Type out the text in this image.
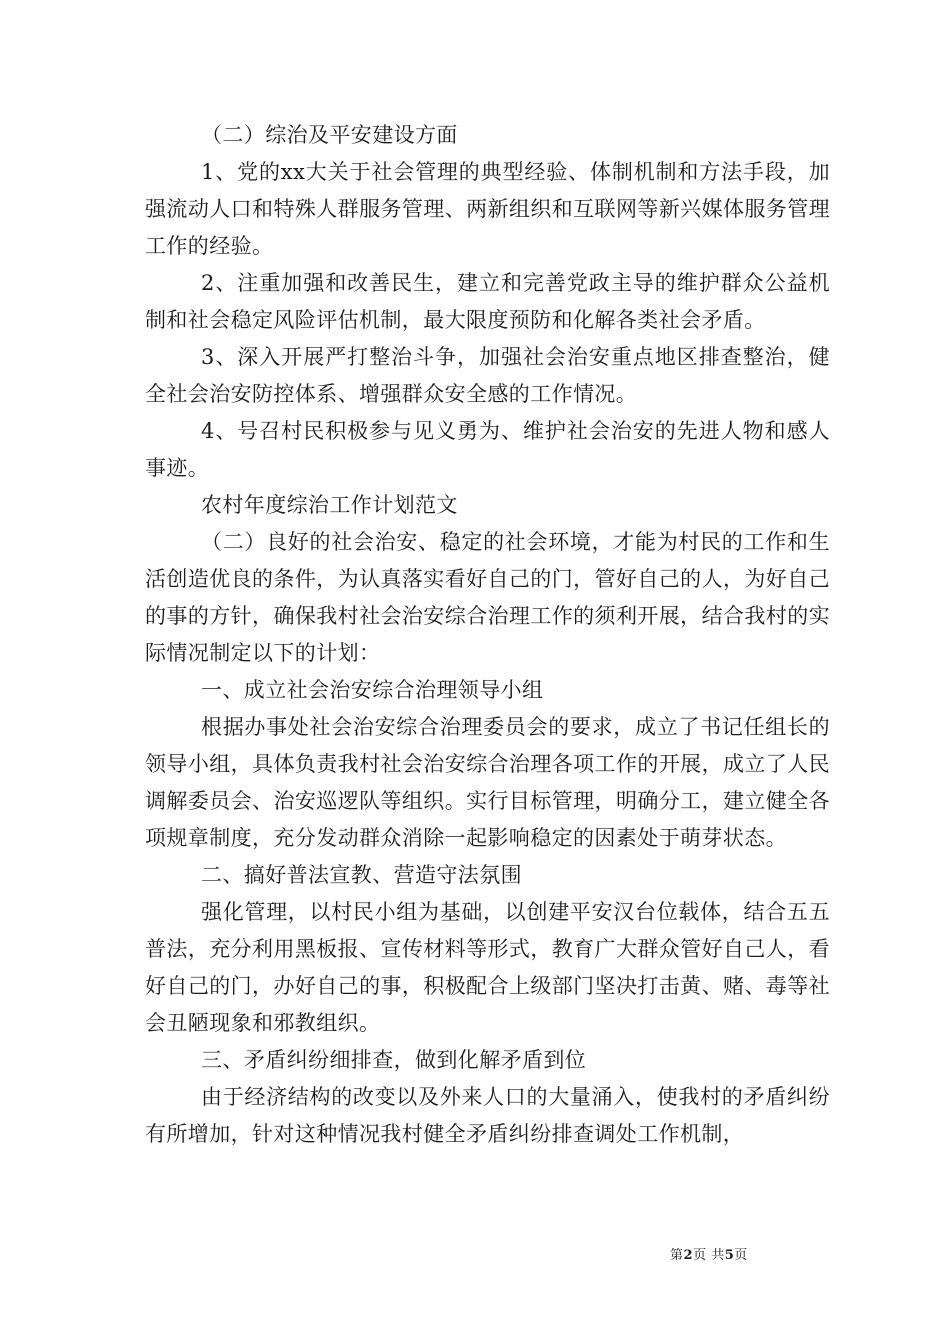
（二）综治及平安建设方面

1、党的xx大关于社会管理的典型经验、体制机制和方法手段，加强流动人口和特殊人群服务管理、两新组织和互联网等新兴媒体服务管理工作的经验。

2、注重加强和改善民生，建立和完善党政主导的维护群众公益机制和社会稳定风险评估机制，最大限度预防和化解各类社会矛盾。

3、深入开展严打整治斗争，加强社会治安重点地区排查整治，健全社会治安防控体系、增强群众安全感的工作情况。

4、号召村民积极参与见义勇为、维护社会治安的先进人物和感人事迹。

农村年度综治工作计划范文

（二）良好的社会治安、稳定的社会环境，才能为村民的工作和生活创造优良的条件，为认真落实看好自己的门，管好自己的人，为好自己的事的方针，确保我村社会治安综合治理工作的须利开展，结合我村的实际情况制定以下的计划：

一、成立社会治安综合治理领导小组

根据办事处社会治安综合治理委员会的要求，成立了书记任组长的领导小组，具体负责我村社会治安综合治理各项工作的开展，成立了人民调解委员会、治安巡逻队等组织。实行目标管理，明确分工，建立健全各项规章制度，充分发动群众消除一起影响稳定的因素处于萌芽状态。

二、搞好普法宣教、营造守法氛围

强化管理，以村民小组为基础，以创建平安汉台位载体，结合五五普法，充分利用黑板报、宣传材料等形式，教育广大群众管好自己人，看好自己的门，办好自己的事，积极配合上级部门坚决打击黄、赌、毒等社会丑陋现象和邪教组织。

三、矛盾纠纷细排查，做到化解矛盾到位

由于经济结构的改变以及外来人口的大量涌入，使我村的矛盾纠纷有所增加，针对这种情况我村健全矛盾纠纷排查调处工作机制，

第2页 共5页
